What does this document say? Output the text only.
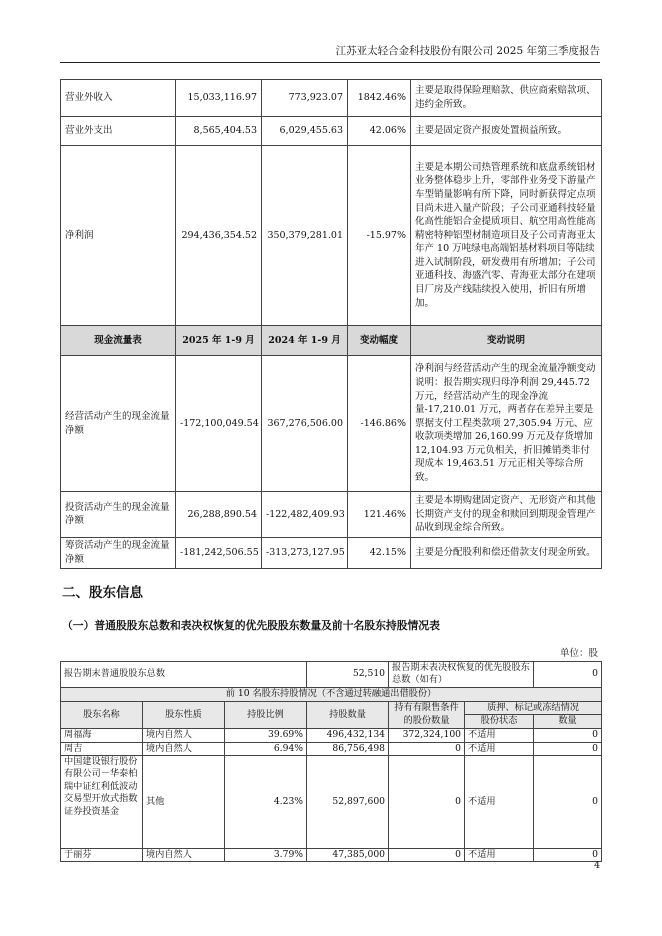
江苏亚太轻合金科技股份有限公司 2025 年第三季度报告
营业外收入	15,033,116.97	773,923.07	1842.46%	主要是取得保险理赔款、供应商索赔款项、违约金所致。
营业外支出	8,565,404.53	6,029,455.63	42.06%	主要是固定资产报废处置损益所致。
净利润	294,436,354.52	350,379,281.01	-15.97%	主要是本期公司热管理系统和底盘系统铝材业务整体稳步上升，零部件业务受下游量产车型销量影响有所下降，同时新获得定点项目尚未进入量产阶段；子公司亚通科技轻量化高性能铝合金提质项目、航空用高性能高精密特种铝型材制造项目及子公司青海亚太年产 10 万吨绿电高端铝基材料项目等陆续进入试制阶段，研发费用有所增加；子公司亚通科技、海盛汽零、青海亚太部分在建项目厂房及产线陆续投入使用，折旧有所增加。
现金流量表	2025 年 1-9 月	2024 年 1-9 月	变动幅度	变动说明
经营活动产生的现金流量净额	-172,100,049.54	367,276,506.00	-146.86%	净利润与经营活动产生的现金流量净额变动说明：报告期实现归母净利润 29,445.72 万元，经营活动产生的现金净流量-17,210.01 万元，两者存在差异主要是票据支付工程类款项 27,305.94 万元、应收款项类增加 26,160.99 万元及存货增加 12,104.93 万元负相关，折旧摊销类非付现成本 19,463.51 万元正相关等综合所致。
投资活动产生的现金流量净额	26,288,890.54	-122,482,409.93	121.46%	主要是本期购建固定资产、无形资产和其他长期资产支付的现金和赎回到期现金管理产品收到现金综合所致。
筹资活动产生的现金流量净额	-181,242,506.55	-313,273,127.95	42.15%	主要是分配股利和偿还借款支付现金所致。
二、股东信息
（一）普通股股东总数和表决权恢复的优先股股东数量及前十名股东持股情况表
单位：股
报告期末普通股股东总数			52,510	报告期末表决权恢复的优先股股东总数（如有）		0
前 10 名股东持股情况（不含通过转融通出借股份）						
股东名称	股东性质	持股比例	持股数量	持有有限售条件的股份数量	质押、标记或冻结情况	
					股份状态	数量
周福海	境内自然人	39.69%	496,432,134	372,324,100	不适用	0
周吉	境内自然人	6.94%	86,756,498	0	不适用	0
中国建设银行股份有限公司－华泰柏瑞中证红利低波动交易型开放式指数证券投资基金	其他	4.23%	52,897,600	0	不适用	0
于丽芬	境内自然人	3.79%	47,385,000	0	不适用	0
4
